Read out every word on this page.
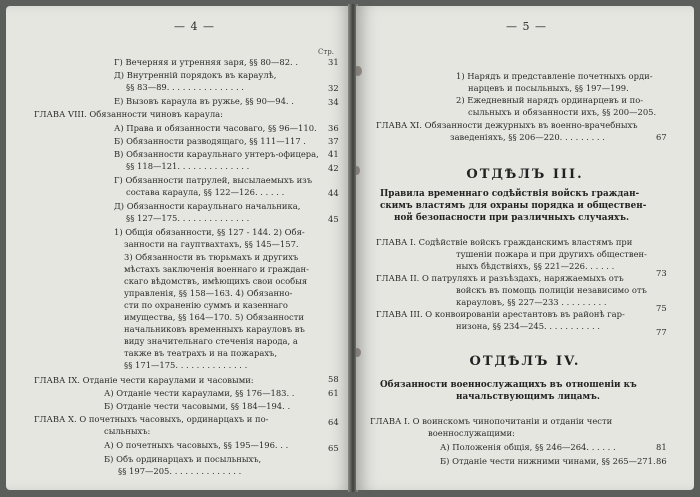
— 4 —
Стр.
Г) Вечерняя и утренняя заря, §§ 80—82. .
Д) Внутренній порядокъ въ караулѣ,
§§ 83—89. . . . . . . . . . . . . . .
Е) Вызовъ караула въ ружье, §§ 90—94. .
ГЛАВА VIII. Обязанности чиновъ караула:
А) Права и обязанности часоваго, §§ 96—110.
Б) Обязанности разводящаго, §§ 111—117 .
В) Обязанности караульнаго унтеръ-офицера,
§§ 118—121. . . . . . . . . . . . . .
Г) Обязанности патрулей, высылаемыхъ изъ
состава караула, §§ 122—126. . . . . .
Д) Обязанности караульнаго начальника,
§§ 127—175. . . . . . . . . . . . . .
1) Общія обязанности, §§ 127 - 144. 2) Обя-
занности на гауптвахтахъ, §§ 145—157.
3) Обязанности въ тюрьмахъ и другихъ
мѣстахъ заключенія военнаго и граждан-
скаго вѣдомствъ, имѣющихъ свои особыя
управленія, §§ 158—163. 4) Обязанно-
сти по охраненію суммъ и казеннаго
имущества, §§ 164—170. 5) Обязанности
начальниковъ временныхъ карауловъ въ
виду значительнаго стеченія народа, а
также въ театрахъ и на пожарахъ,
§§ 171—175. . . . . . . . . . . . . .
ГЛАВА IX. Отданіе чести караулами и часовыми:
А) Отданіе чести караулами, §§ 176—183. .
Б) Отданіе чести часовыми, §§ 184—194. .
ГЛАВА X. О почетныхъ часовыхъ, ординарцахъ и по-
сыльныхъ:
А) О почетныхъ часовыхъ, §§ 195—196. . .
Б) Объ ординарцахъ и посыльныхъ,
§§ 197—205. . . . . . . . . . . . . .
31
32
34
36
37
41
42
44
45
58
61
64
65
— 5 —
1) Нарядъ и представленіе почетныхъ орди-
нарцевъ и посыльныхъ, §§ 197—199.
2) Ежедневный нарядъ ординарцевъ и по-
сыльныхъ и обязанности ихъ, §§ 200—205.
ГЛАВА XI. Обязанности дежурныхъ въ военно-врачебныхъ
заведеніяхъ, §§ 206—220. . . . . . . . .	67
ОТДѢЛЪ III.
Правила временнаго содѣйствія войскъ граждан-
скимъ властямъ для охраны порядка и обществен-
ной безопасности при различныхъ случаяхъ.
ГЛАВА I. Содѣйствіе войскъ гражданскимъ властямъ при
тушеніи пожара и при другихъ обществен-
ныхъ бѣдствіяхъ, §§ 221—226. . . . . .
ГЛАВА II. О патруляхъ и разъѣздахъ, наряжаемыхъ отъ
войскъ въ помощь полиціи независимо отъ
карауловъ, §§ 227—233 . . . . . . . . .
ГЛАВА III. О конвоированіи арестантовъ въ районѣ гар-
низона, §§ 234—245. . . . . . . . . . .
73
75
77
ОТДѢЛЪ IV.
Обязанности военнослужащихъ въ отношеніи къ
начальствующимъ лицамъ.
ГЛАВА I. О воинскомъ чинопочитаніи и отданіи чести
военнослужащими:
А) Положенія общія, §§ 246—264. . . . . .
Б) Отданіе чести нижними чинами, §§ 265—271.
81
86
